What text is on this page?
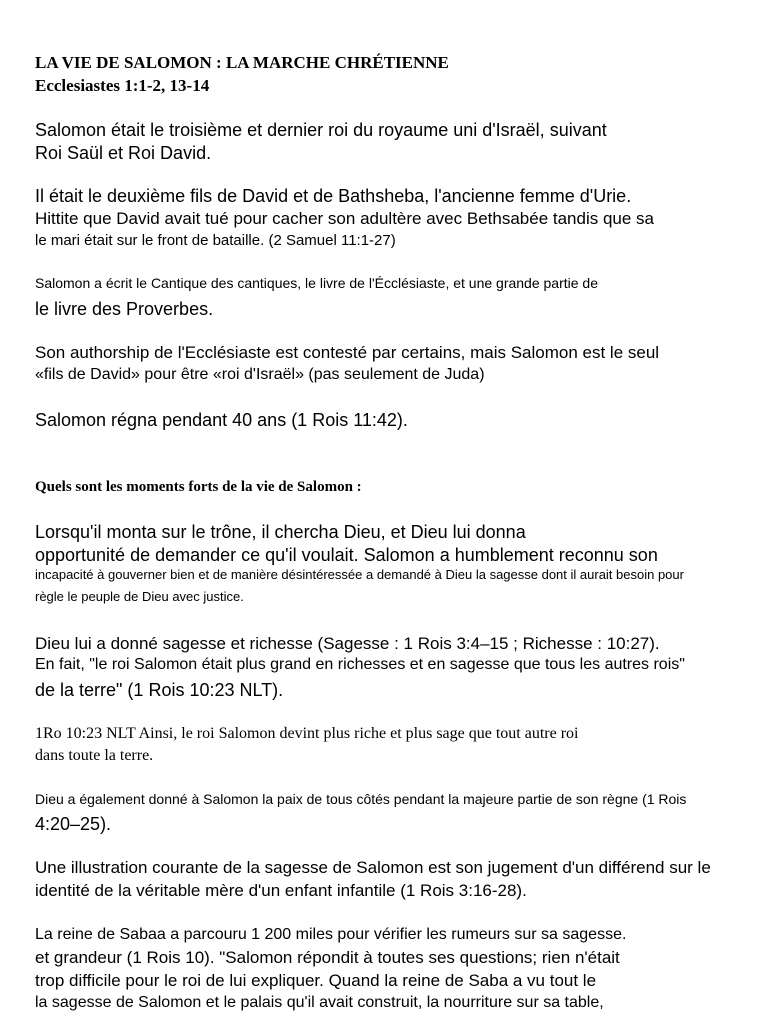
LA VIE DE SALOMON : LA MARCHE CHRÉTIENNE

Ecclesiastes 1:1-2, 13-14

Salomon était le troisième et dernier roi du royaume uni d'Israël, suivant

Roi Saül et Roi David.

Il était le deuxième fils de David et de Bathsheba, l'ancienne femme d'Urie.

Hittite que David avait tué pour cacher son adultère avec Bethsabée tandis que sa

le mari était sur le front de bataille. (2 Samuel 11:1-27)

Salomon a écrit le Cantique des cantiques, le livre de l'Écclésiaste, et une grande partie de

le livre des Proverbes.

Son authorship de l'Ecclésiaste est contesté par certains, mais Salomon est le seul

«fils de David» pour être «roi d'Israël» (pas seulement de Juda)

Salomon régna pendant 40 ans (1 Rois 11:42).

Quels sont les moments forts de la vie de Salomon :

Lorsqu'il monta sur le trône, il chercha Dieu, et Dieu lui donna

opportunité de demander ce qu'il voulait. Salomon a humblement reconnu son

incapacité à gouverner bien et de manière désintéressée a demandé à Dieu la sagesse dont il aurait besoin pour

règle le peuple de Dieu avec justice.

Dieu lui a donné sagesse et richesse (Sagesse : 1 Rois 3:4–15 ; Richesse : 10:27).

En fait, "le roi Salomon était plus grand en richesses et en sagesse que tous les autres rois"

de la terre" (1 Rois 10:23 NLT).

1Ro 10:23 NLT Ainsi, le roi Salomon devint plus riche et plus sage que tout autre roi

dans toute la terre.

Dieu a également donné à Salomon la paix de tous côtés pendant la majeure partie de son règne (1 Rois

4:20–25).

Une illustration courante de la sagesse de Salomon est son jugement d'un différend sur le

identité de la véritable mère d'un enfant infantile (1 Rois 3:16-28).

La reine de Sabaa a parcouru 1 200 miles pour vérifier les rumeurs sur sa sagesse.

et grandeur (1 Rois 10). "Salomon répondit à toutes ses questions; rien n'était

trop difficile pour le roi de lui expliquer. Quand la reine de Saba a vu tout le

la sagesse de Salomon et le palais qu'il avait construit, la nourriture sur sa table,
